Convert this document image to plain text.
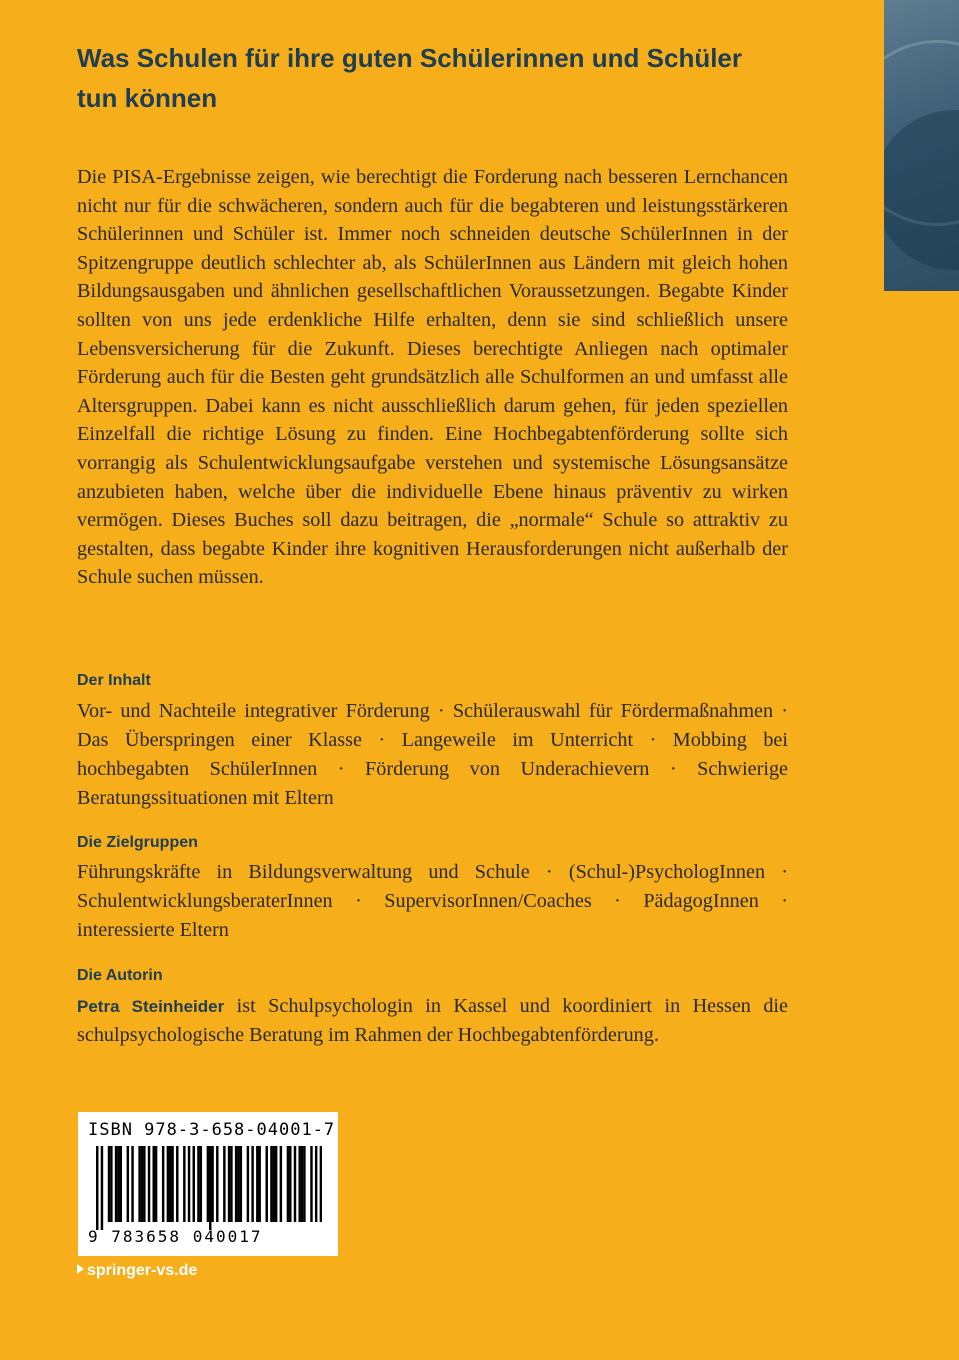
Was Schulen für ihre guten Schülerinnen und Schüler tun können

Die PISA-Ergebnisse zeigen, wie berechtigt die Forderung nach besseren Lernchancen nicht nur für die schwächeren, sondern auch für die begabteren und leistungsstärkeren Schülerinnen und Schüler ist. Immer noch schneiden deutsche SchülerInnen in der Spitzengruppe deutlich schlechter ab, als SchülerInnen aus Ländern mit gleich hohen Bildungsausgaben und ähnlichen gesellschaftlichen Voraussetzungen. Begabte Kinder sollten von uns jede erdenkliche Hilfe erhalten, denn sie sind schließlich unsere Lebensversicherung für die Zukunft. Dieses berechtigte Anliegen nach optimaler Förderung auch für die Besten geht grundsätzlich alle Schulformen an und umfasst alle Altersgruppen. Dabei kann es nicht ausschließlich darum gehen, für jeden speziellen Einzelfall die richtige Lösung zu finden. Eine Hochbegabtenförderung sollte sich vorrangig als Schulentwicklungsaufgabe verstehen und systemische Lösungsansätze anzubieten haben, welche über die individuelle Ebene hinaus präventiv zu wirken vermögen. Dieses Buches soll dazu beitragen, die „normale“ Schule so attraktiv zu gestalten, dass begabte Kinder ihre kognitiven Herausforderungen nicht außerhalb der Schule suchen müssen.

Der Inhalt

Vor- und Nachteile integrativer Förderung · Schülerauswahl für Fördermaßnahmen · Das Überspringen einer Klasse · Langeweile im Unterricht · Mobbing bei hochbegabten SchülerInnen · Förderung von Underachievern · Schwierige Beratungssituationen mit Eltern

Die Zielgruppen

Führungskräfte in Bildungsverwaltung und Schule · (Schul-)PsychologInnen · SchulentwicklungsberaterInnen · SupervisorInnen/Coaches · PädagogInnen · interessierte Eltern

Die Autorin

Petra Steinheider ist Schulpsychologin in Kassel und koordiniert in Hessen die schulpsychologische Beratung im Rahmen der Hochbegabtenförderung.

ISBN 978-3-658-04001-7
9 783658 040017
springer-vs.de
